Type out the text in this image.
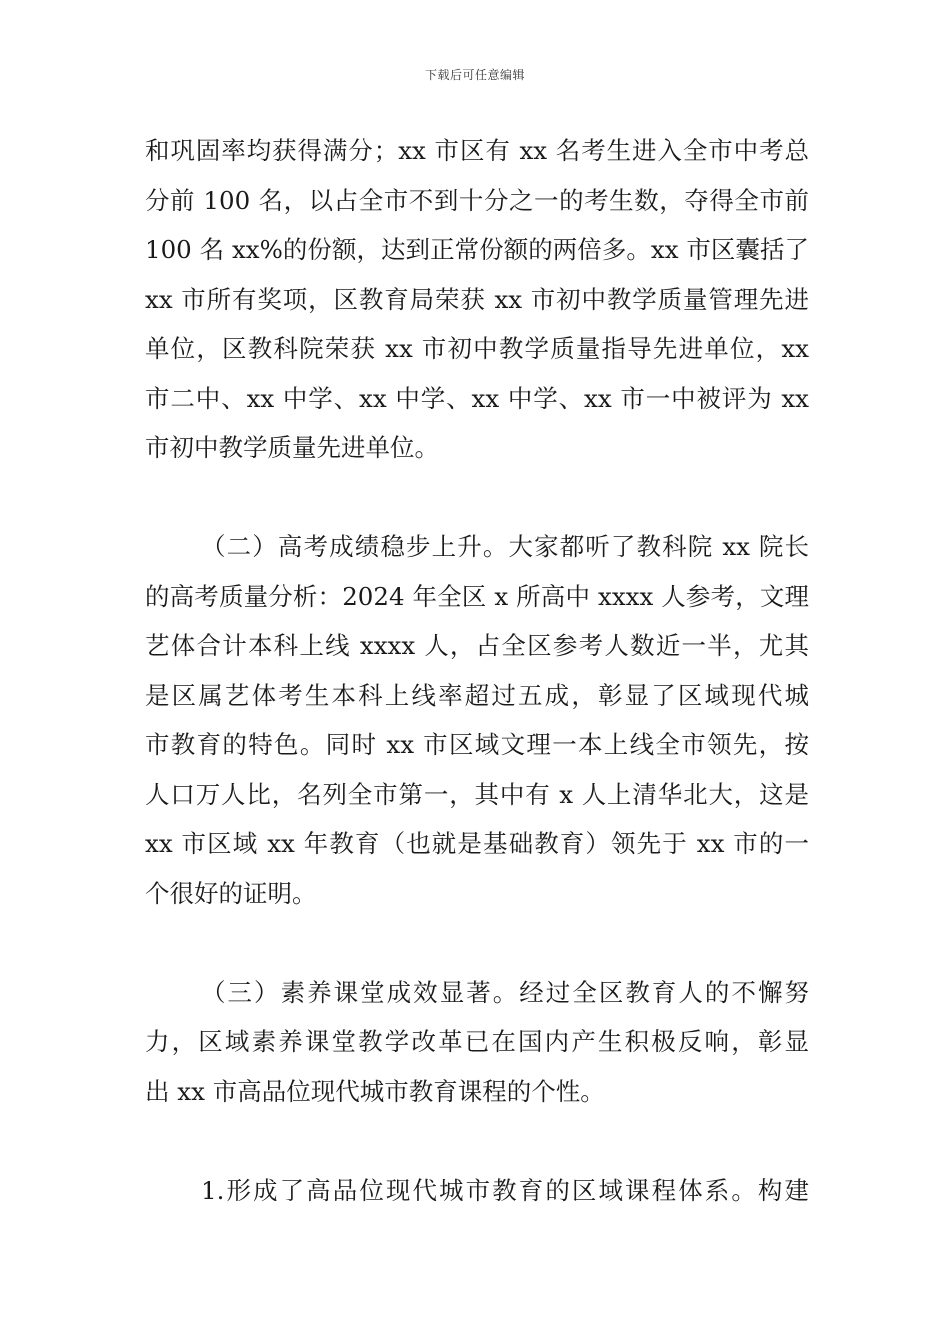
下载后可任意编辑
和巩固率均获得满分；xx 市区有 xx 名考生进入全市中考总
分前 100 名，以占全市不到十分之一的考生数，夺得全市前
100 名 xx%的份额，达到正常份额的两倍多。xx 市区囊括了
xx 市所有奖项，区教育局荣获 xx 市初中教学质量管理先进
单位，区教科院荣获 xx 市初中教学质量指导先进单位，xx
市二中、xx 中学、xx 中学、xx 中学、xx 市一中被评为 xx
市初中教学质量先进单位。
（二）高考成绩稳步上升。大家都听了教科院 xx 院长
的高考质量分析：2024 年全区 x 所高中 xxxx 人参考，文理
艺体合计本科上线 xxxx 人，占全区参考人数近一半，尤其
是区属艺体考生本科上线率超过五成，彰显了区域现代城
市教育的特色。同时 xx 市区域文理一本上线全市领先，按
人口万人比，名列全市第一，其中有 x 人上清华北大，这是
xx 市区域 xx 年教育（也就是基础教育）领先于 xx 市的一
个很好的证明。
（三）素养课堂成效显著。经过全区教育人的不懈努
力，区域素养课堂教学改革已在国内产生积极反响，彰显
出 xx 市高品位现代城市教育课程的个性。
1.形成了高品位现代城市教育的区域课程体系。构建
